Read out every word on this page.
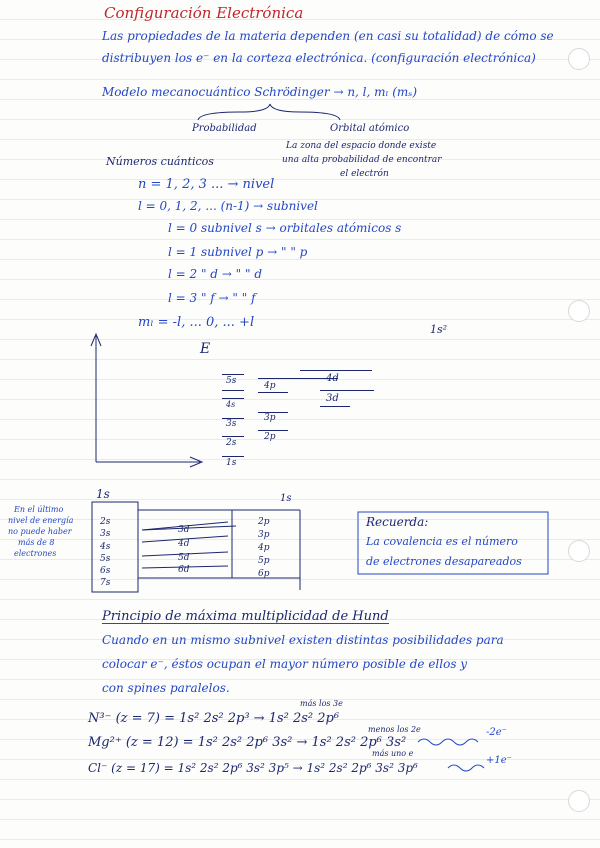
Configuración Electrónica
Las propiedades de la materia dependen (en casi su totalidad) de cómo se
distribuyen los e⁻ en la corteza electrónica. (configuración electrónica)
Modelo mecanocuántico Schrödinger → n, l, mₗ (mₛ)
Probabilidad	Orbital atómico
La zona del espacio donde existe
una alta probabilidad de encontrar
el electrón
Números cuánticos
n = 1, 2, 3 ... → nivel
l = 0, 1, 2, ... (n-1) → subnivel
l = 0 subnivel s → orbitales atómicos s
l = 1 subnivel p → " " p
l = 2 " d → " " d
l = 3 " f → " " f
mₗ = -l, ... 0, ... +l	1s²
E
5s	4p
4d
3d
4s
3p
3s
2p
2s
1s
En el último
nivel de energía
no puede haber
más de 8
electrones
1s	1s
2s
3s
4s
5s
6s
7s
3d
4d
5d
6d
2p
3p
4p
5p
6p
Recuerda:
La covalencia es el número
de electrones desapareados
Principio de máxima multiplicidad de Hund
Cuando en un mismo subnivel existen distintas posibilidades para
colocar e⁻, éstos ocupan el mayor número posible de ellos y
con spines paralelos.
más los 3e
N³⁻ (z = 7) = 1s² 2s² 2p³ → 1s² 2s² 2p⁶
menos los 2e
Mg²⁺ (z = 12) = 1s² 2s² 2p⁶ 3s² → 1s² 2s² 2p⁶ 3s²
-2e⁻
más uno e
Cl⁻ (z = 17) = 1s² 2s² 2p⁶ 3s² 3p⁵ → 1s² 2s² 2p⁶ 3s² 3p⁶
+1e⁻
